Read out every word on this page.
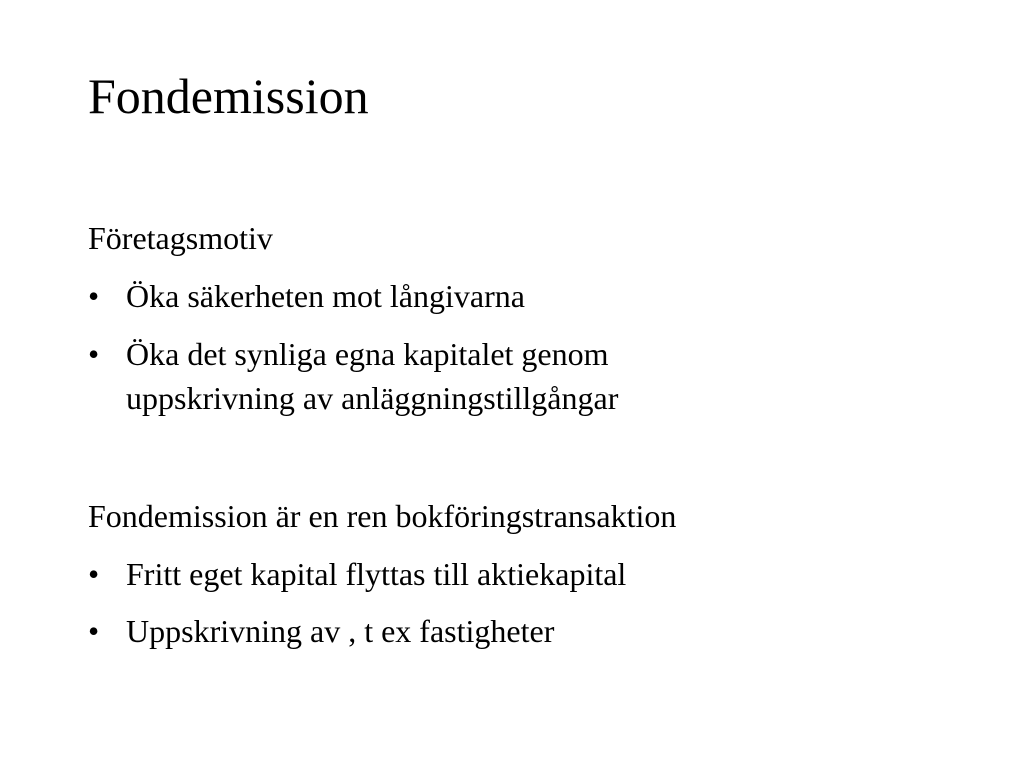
Fondemission

Företagsmotiv

• Öka säkerheten mot långivarna
• Öka det synliga egna kapitalet genom
uppskrivning av anläggningstillgångar

Fondemission är en ren bokföringstransaktion

• Fritt eget kapital flyttas till aktiekapital
• Uppskrivning av , t ex fastigheter
